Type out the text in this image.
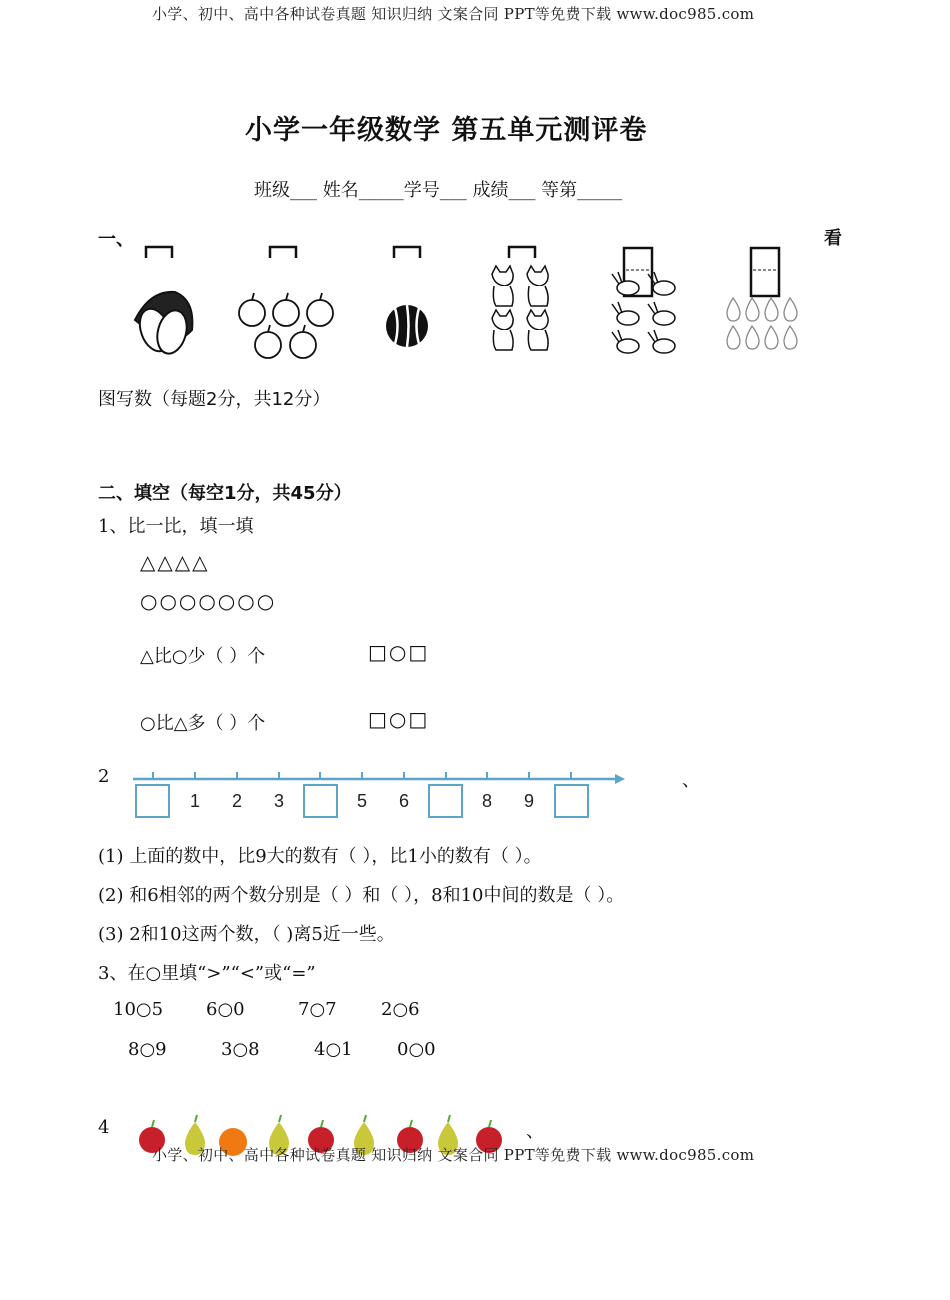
小学、初中、高中各种试卷真题 知识归纳 文案合同 PPT等免费下载 www.doc985.com
小学、初中、高中各种试卷真题 知识归纳 文案合同 PPT等免费下载 www.doc985.com
小学一年级数学 第五单元测评卷
班级___ 姓名_____学号___ 成绩___ 等第_____
一、	看
图写数（每题2分，共12分）
二、填空（每空1分，共45分）
1、比一比，填一填
△△△△
○○○○○○○
△比○少（ ）个	□○□
○比△多（ ）个	□○□
2	、
1 2 3	5 6	8 9
(1) 上面的数中，比9大的数有（ ），比1小的数有（ ）。
(2) 和6相邻的两个数分别是（ ）和（ ），8和10中间的数是（ ）。
(3) 2和10这两个数，（ )离5近一些。
3、在○里填“>”“<”或“=”
10○5 6○0	7○7 2○6
8○9	3○8	4○1 0○0
4	、
